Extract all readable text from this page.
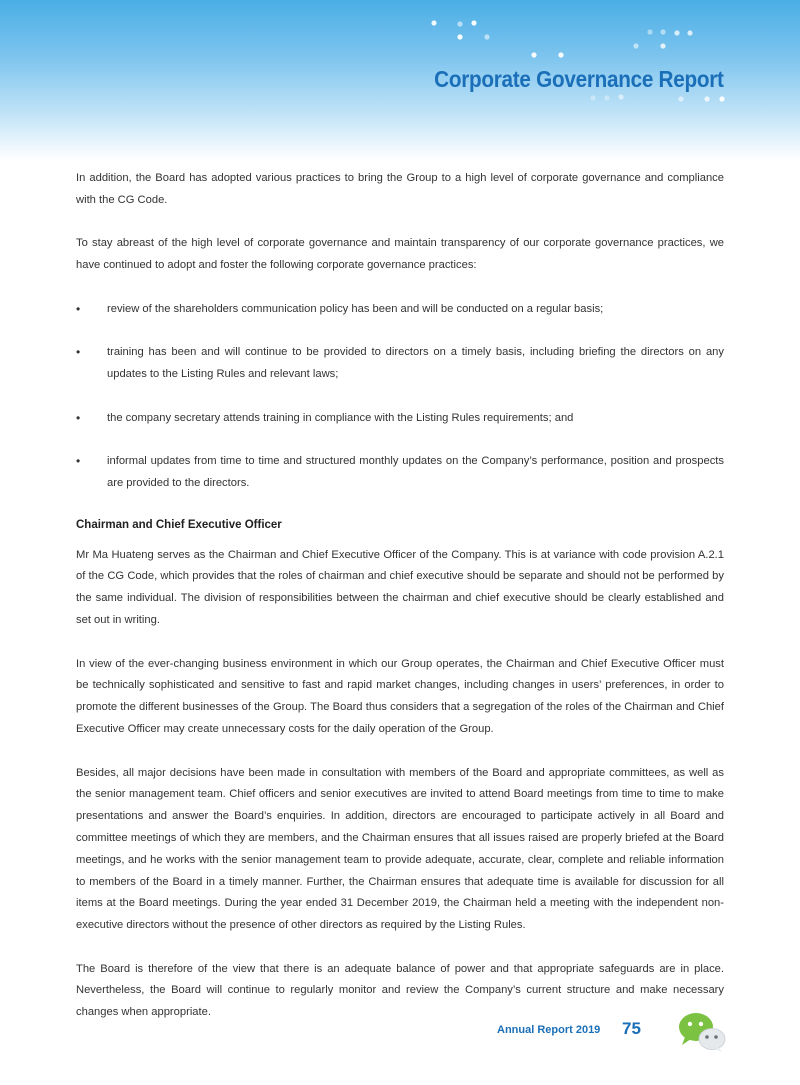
Corporate Governance Report

In addition, the Board has adopted various practices to bring the Group to a high level of corporate governance and compliance with the CG Code.

To stay abreast of the high level of corporate governance and maintain transparency of our corporate governance practices, we have continued to adopt and foster the following corporate governance practices:

• review of the shareholders communication policy has been and will be conducted on a regular basis;
• training has been and will continue to be provided to directors on a timely basis, including briefing the directors on any updates to the Listing Rules and relevant laws;
• the company secretary attends training in compliance with the Listing Rules requirements; and
• informal updates from time to time and structured monthly updates on the Company’s performance, position and prospects are provided to the directors.
Chairman and Chief Executive Officer

Mr Ma Huateng serves as the Chairman and Chief Executive Officer of the Company. This is at variance with code provision A.2.1 of the CG Code, which provides that the roles of chairman and chief executive should be separate and should not be performed by the same individual. The division of responsibilities between the chairman and chief executive should be clearly established and set out in writing.

In view of the ever-changing business environment in which our Group operates, the Chairman and Chief Executive Officer must be technically sophisticated and sensitive to fast and rapid market changes, including changes in users’ preferences, in order to promote the different businesses of the Group. The Board thus considers that a segregation of the roles of the Chairman and Chief Executive Officer may create unnecessary costs for the daily operation of the Group.

Besides, all major decisions have been made in consultation with members of the Board and appropriate committees, as well as the senior management team. Chief officers and senior executives are invited to attend Board meetings from time to time to make presentations and answer the Board’s enquiries. In addition, directors are encouraged to participate actively in all Board and committee meetings of which they are members, and the Chairman ensures that all issues raised are properly briefed at the Board meetings, and he works with the senior management team to provide adequate, accurate, clear, complete and reliable information to members of the Board in a timely manner. Further, the Chairman ensures that adequate time is available for discussion for all items at the Board meetings. During the year ended 31 December 2019, the Chairman held a meeting with the independent non-executive directors without the presence of other directors as required by the Listing Rules.

The Board is therefore of the view that there is an adequate balance of power and that appropriate safeguards are in place. Nevertheless, the Board will continue to regularly monitor and review the Company’s current structure and make necessary changes when appropriate.

Annual Report 2019 75
